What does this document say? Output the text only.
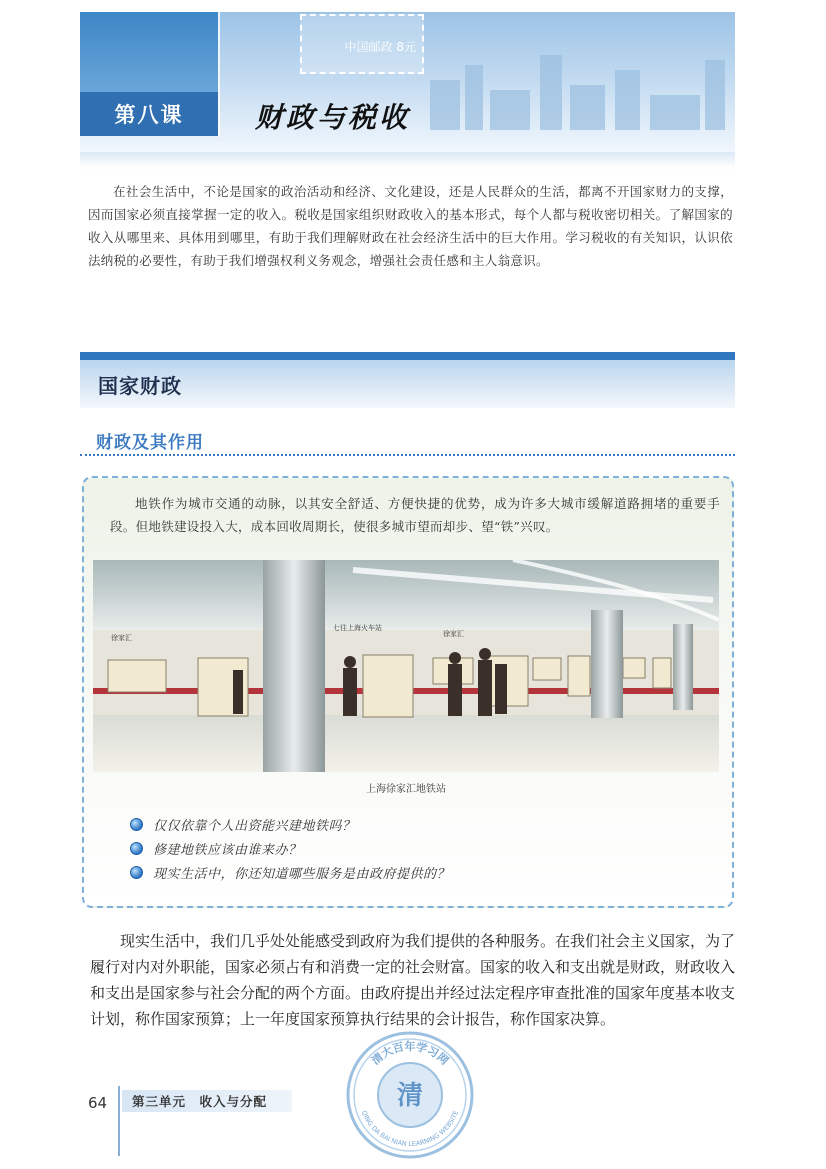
中国邮政 8元
第八课	财政与税收
在社会生活中，不论是国家的政治活动和经济、文化建设，还是人民群众的生活，都离不开国家财力的支撑，因而国家必须直接掌握一定的收入。税收是国家组织财政收入的基本形式，每个人都与税收密切相关。了解国家的收入从哪里来、具体用到哪里，有助于我们理解财政在社会经济生活中的巨大作用。学习税收的有关知识，认识依法纳税的必要性，有助于我们增强权利义务观念，增强社会责任感和主人翁意识。
国家财政
财政及其作用
地铁作为城市交通的动脉，以其安全舒适、方便快捷的优势，成为许多大城市缓解道路拥堵的重要手段。但地铁建设投入大，成本回收周期长，使很多城市望而却步、望“铁”兴叹。
徐家汇
七往上海火车站
徐家汇
上海徐家汇地铁站
仅仅依靠个人出资能兴建地铁吗？
修建地铁应该由谁来办？
现实生活中，你还知道哪些服务是由政府提供的？
现实生活中，我们几乎处处能感受到政府为我们提供的各种服务。在我们社会主义国家，为了履行对内对外职能，国家必须占有和消费一定的社会财富。国家的收入和支出就是财政，财政收入和支出是国家参与社会分配的两个方面。由政府提出并经过法定程序审查批准的国家年度基本收支计划，称作国家预算；上一年度国家预算执行结果的会计报告，称作国家决算。
64	第三单元　收入与分配
清大百年学习网
QING DA BAI NIAN LEARNING WEBSITE
清
